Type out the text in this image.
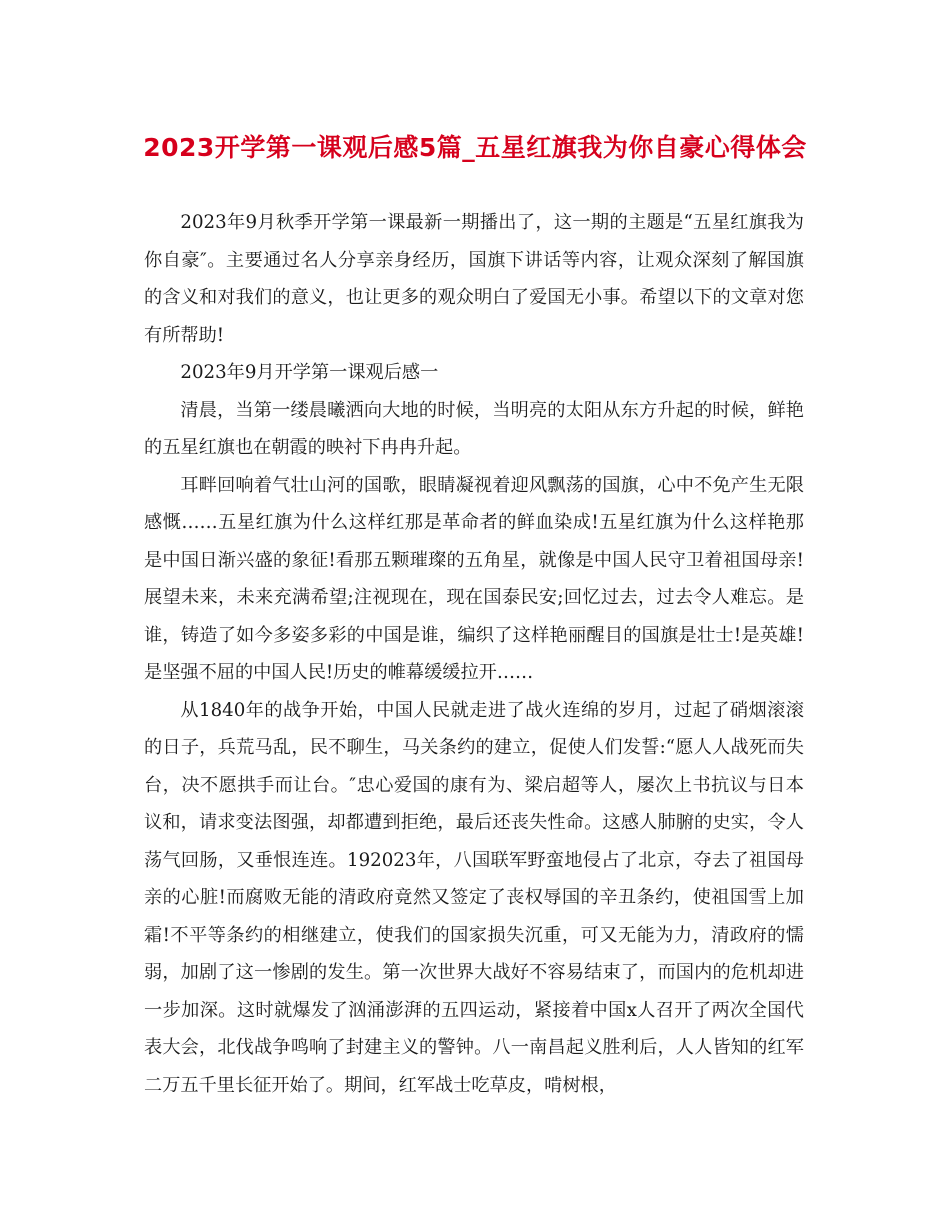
2023开学第一课观后感5篇_五星红旗我为你自豪心得体会

2023年9月秋季开学第一课最新一期播出了，这一期的主题是“五星红旗我为你自豪″。主要通过名人分享亲身经历，国旗下讲话等内容，让观众深刻了解国旗的含义和对我们的意义，也让更多的观众明白了爱国无小事。希望以下的文章对您有所帮助!

2023年9月开学第一课观后感一

清晨，当第一缕晨曦洒向大地的时候，当明亮的太阳从东方升起的时候，鲜艳的五星红旗也在朝霞的映衬下冉冉升起。

耳畔回响着气壮山河的国歌，眼睛凝视着迎风飘荡的国旗，心中不免产生无限感慨……五星红旗为什么这样红那是革命者的鲜血染成!五星红旗为什么这样艳那是中国日渐兴盛的象征!看那五颗璀璨的五角星，就像是中国人民守卫着祖国母亲!展望未来，未来充满希望;注视现在，现在国泰民安;回忆过去，过去令人难忘。是谁，铸造了如今多姿多彩的中国是谁，编织了这样艳丽醒目的国旗是壮士!是英雄!是坚强不屈的中国人民!历史的帷幕缓缓拉开……

从1840年的战争开始，中国人民就走进了战火连绵的岁月，过起了硝烟滚滚的日子，兵荒马乱，民不聊生，马关条约的建立，促使人们发誓:“愿人人战死而失台，决不愿拱手而让台。″忠心爱国的康有为、梁启超等人，屡次上书抗议与日本议和，请求变法图强，却都遭到拒绝，最后还丧失性命。这感人肺腑的史实，令人荡气回肠，又垂恨连连。192023年，八国联军野蛮地侵占了北京，夺去了祖国母亲的心脏!而腐败无能的清政府竟然又签定了丧权辱国的辛丑条约，使祖国雪上加霜!不平等条约的相继建立，使我们的国家损失沉重，可又无能为力，清政府的懦弱，加剧了这一惨剧的发生。第一次世界大战好不容易结束了，而国内的危机却进一步加深。这时就爆发了汹涌澎湃的五四运动，紧接着中国x人召开了两次全国代表大会，北伐战争鸣响了封建主义的警钟。八一南昌起义胜利后，人人皆知的红军二万五千里长征开始了。期间，红军战士吃草皮，啃树根，
